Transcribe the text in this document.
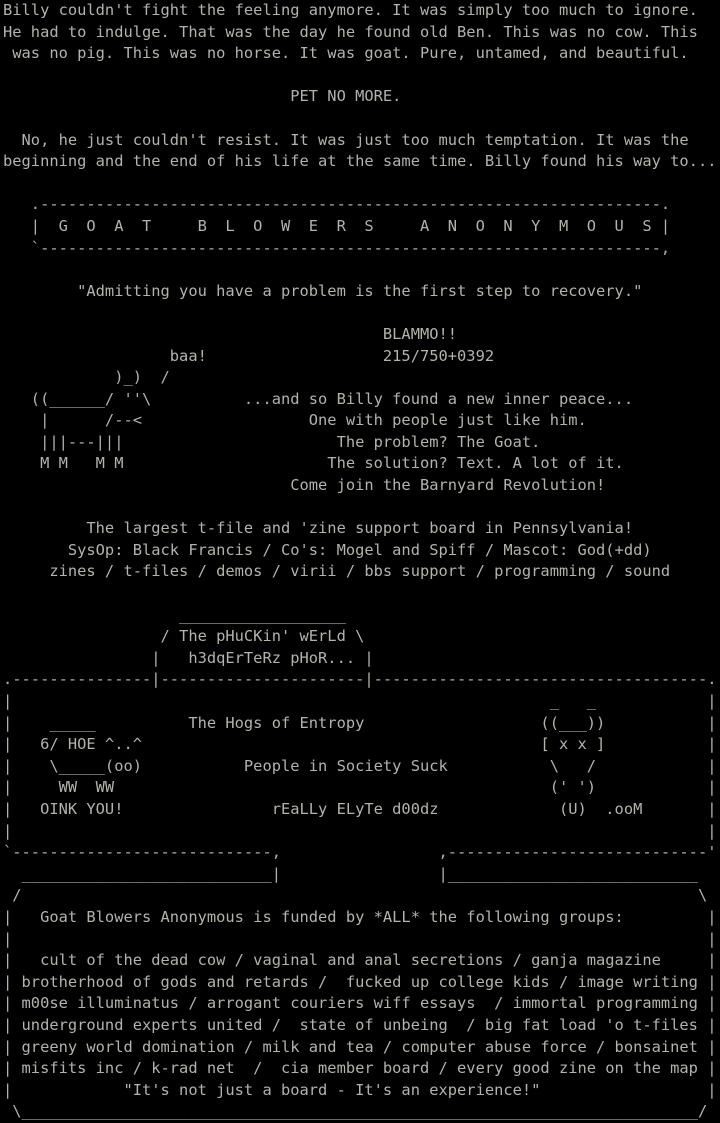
Billy couldn't fight the feeling anymore. It was simply too much to ignore.
He had to indulge. That was the day he found old Ben. This was no cow. This
was no pig. This was no horse. It was goat. Pure, untamed, and beautiful.

PET NO MORE.

No, he just couldn't resist. It was just too much temptation. It was the
beginning and the end of his life at the same time. Billy found his way to...

.-------------------------------------------------------------------.
|  G  O  A  T     B  L  O  W  E  R  S     A  N  O  N  Y  M  O  U  S |
`-------------------------------------------------------------------,

"Admitting you have a problem is the first step to recovery."

BLAMMO!!
baa!                   215/750+0392
)_)  /
((______/ ''\          ...and so Billy found a new inner peace...
|      /--<                  One with people just like him.
|||---|||                       The problem? The Goat.
M M   M M                      The solution? Text. A lot of it.
Come join the Barnyard Revolution!

The largest t-file and 'zine support board in Pennsylvania!
SysOp: Black Francis / Co's: Mogel and Spiff / Mascot: God(+dd)
zines / t-files / demos / virii / bbs support / programming / sound

__________________
/ The pHuCKin' wErLd \
|   h3dqErTeRz pHoR... |
.---------------|----------------------|------------------------------------.
|                                                          _   _            |
|    _____          The Hogs of Entropy                   ((___))           |
|   6/ HOE ^..^                                           [ x x ]           |
|    \_____(oo)           People in Society Suck           \   /            |
|     WW  WW                                               (' ')            |
|   OINK YOU!                rEaLLy ELyTe d00dz             (U)  .ooM       |
|                                                                           |
`----------------------------,                 ,----------------------------'
___________________________|                 |___________________________
/                                                                         \
|   Goat Blowers Anonymous is funded by *ALL* the following groups:         |
|                                                                           |
|   cult of the dead cow / vaginal and anal secretions / ganja magazine     |
| brotherhood of gods and retards /  fucked up college kids / image writing |
| m00se illuminatus / arrogant couriers wiff essays  / immortal programming |
| underground experts united /  state of unbeing  / big fat load 'o t-files |
| greeny world domination / milk and tea / computer abuse force / bonsainet |
| misfits inc / k-rad net  /  cia member board / every good zine on the map |
|            "It's not just a board - It's an experience!"                  |
\_________________________________________________________________________/
